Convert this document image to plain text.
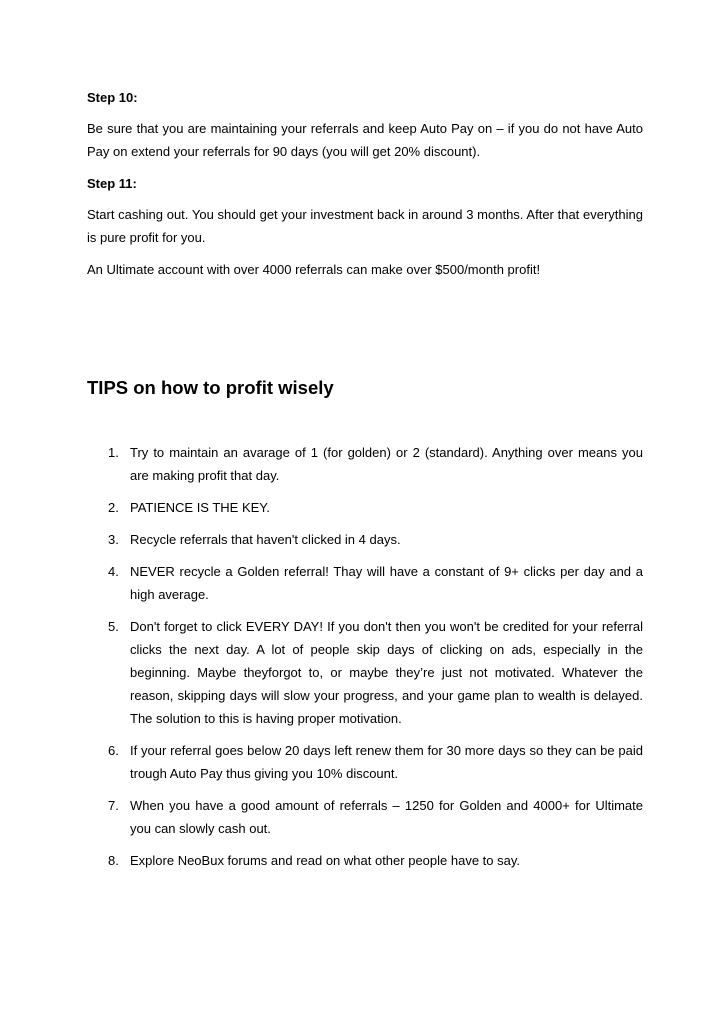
Step 10:

Be sure that you are maintaining your referrals and keep Auto Pay on – if you do not have Auto Pay on extend your referrals for 90 days (you will get 20% discount).

Step 11:

Start cashing out. You should get your investment back in around 3 months. After that everything is pure profit for you.

An Ultimate account with over 4000 referrals can make over $500/month profit!

TIPS on how to profit wisely
1. Try to maintain an avarage of 1 (for golden) or 2 (standard). Anything over means you are making profit that day.
2. PATIENCE IS THE KEY.
3. Recycle referrals that haven't clicked in 4 days.
4. NEVER recycle a Golden referral! Thay will have a constant of 9+ clicks per day and a high average.
5. Don't forget to click EVERY DAY! If you don't then you won't be credited for your referral clicks the next day. A lot of people skip days of clicking on ads, especially in the beginning. Maybe theyforgot to, or maybe they’re just not motivated. Whatever the reason, skipping days will slow your progress, and your game plan to wealth is delayed. The solution to this is having proper motivation.
6. If your referral goes below 20 days left renew them for 30 more days so they can be paid trough Auto Pay thus giving you 10% discount.
7. When you have a good amount of referrals – 1250 for Golden and 4000+ for Ultimate you can slowly cash out.
8. Explore NeoBux forums and read on what other people have to say.
